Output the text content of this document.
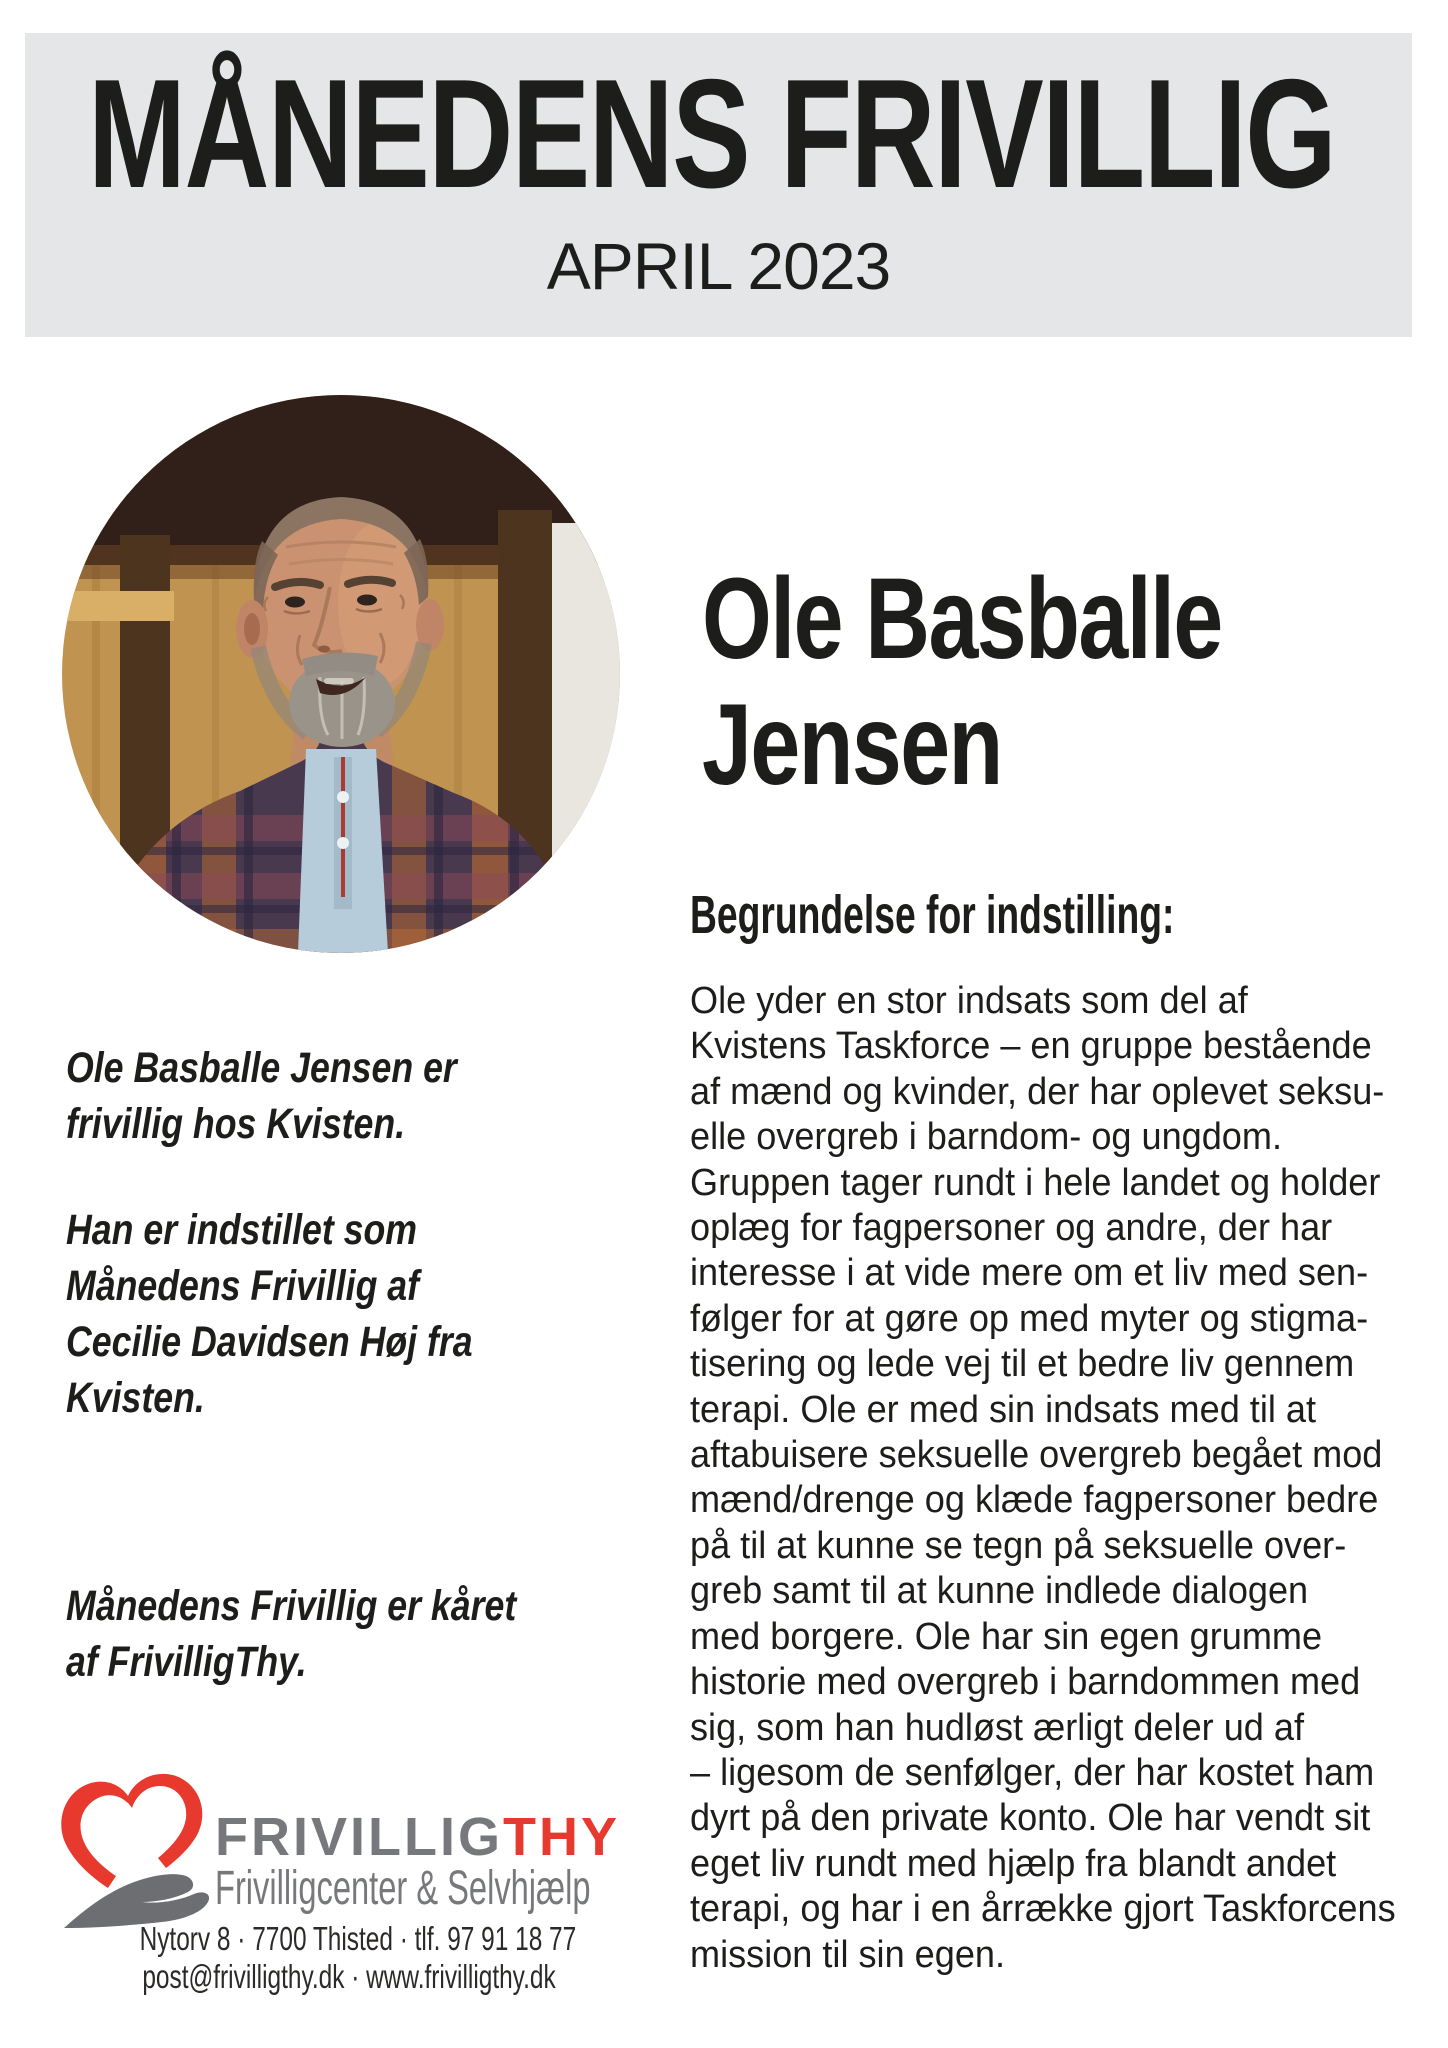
MÅNEDENS FRIVILLIG
APRIL 2023
Ole Basballe Jensen er
frivillig hos Kvisten.
Han er indstillet som
Månedens Frivillig af
Cecilie Davidsen Høj fra
Kvisten.
Månedens Frivillig er kåret
af FrivilligThy.
Ole Basballe
Jensen
Begrundelse for indstilling:
Ole yder en stor indsats som del af
Kvistens Taskforce – en gruppe bestående
af mænd og kvinder, der har oplevet seksu-
elle overgreb i barndom- og ungdom.
Gruppen tager rundt i hele landet og holder
oplæg for fagpersoner og andre, der har
interesse i at vide mere om et liv med sen-
følger for at gøre op med myter og stigma-
tisering og lede vej til et bedre liv gennem
terapi. Ole er med sin indsats med til at
aftabuisere seksuelle overgreb begået mod
mænd/drenge og klæde fagpersoner bedre
på til at kunne se tegn på seksuelle over-
greb samt til at kunne indlede dialogen
med borgere. Ole har sin egen grumme
historie med overgreb i barndommen med
sig, som han hudløst ærligt deler ud af
– ligesom de senfølger, der har kostet ham
dyrt på den private konto. Ole har vendt sit
eget liv rundt med hjælp fra blandt andet
terapi, og har i en årrække gjort Taskforcens
mission til sin egen.
FRIVILLIGTHY
Frivilligcenter & Selvhjælp
Nytorv 8 · 7700 Thisted · tlf. 97 91 18 77
post@frivilligthy.dk · www.frivilligthy.dk
